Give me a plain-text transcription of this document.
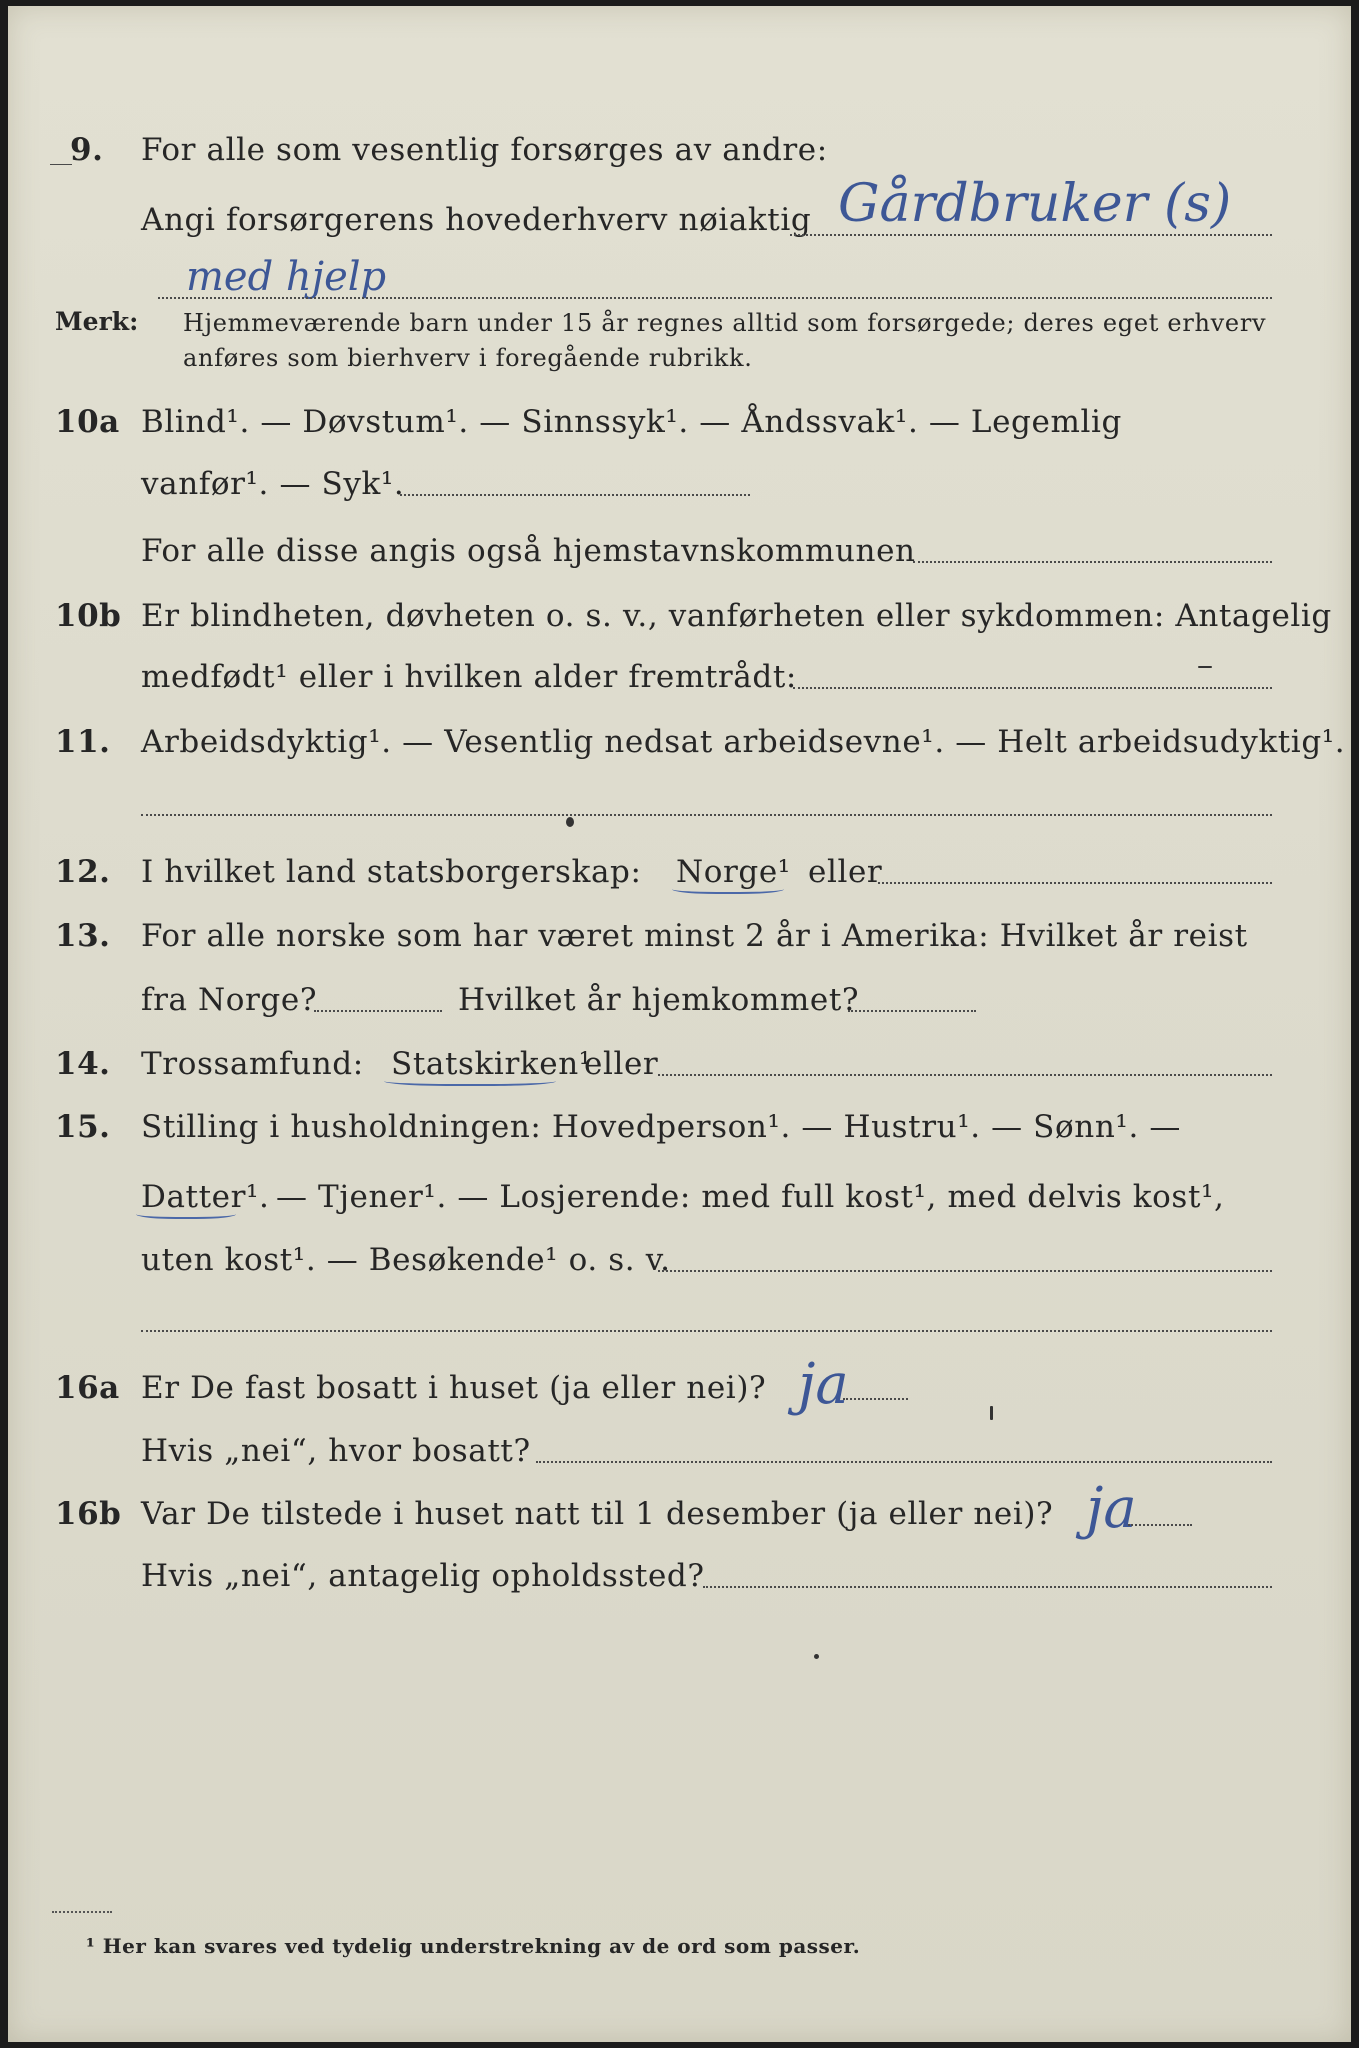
9. For alle som vesentlig forsørges av andre:
Gårdbruker (s)
Angi forsørgerens hovederhverv nøiaktig
med hjelp
Merk: Hjemmeværende barn under 15 år regnes alltid som forsørgede; deres eget erhverv
anføres som bierhverv i foregående rubrikk.
10a Blind¹. — Døvstum¹. — Sinnssyk¹. — Åndssvak¹. — Legemlig
vanfør¹. — Syk¹.
For alle disse angis også hjemstavnskommunen
10b Er blindheten, døvheten o. s. v., vanførheten eller sykdommen: Antagelig
medfødt¹ eller i hvilken alder fremtrådt:
11. Arbeidsdyktig¹. — Vesentlig nedsat arbeidsevne¹. — Helt arbeidsudyktig¹.
12. I hvilket land statsborgerskap: Norge¹ eller
13. For alle norske som har været minst 2 år i Amerika: Hvilket år reist
fra Norge?	Hvilket år hjemkommet?
14. Trossamfund: Statskirken¹
eller
15. Stilling i husholdningen: Hovedperson¹. — Hustru¹. — Sønn¹. —
Datter¹. — Tjener¹. — Losjerende: med full kost¹, med delvis kost¹,
uten kost¹. — Besøkende¹ o. s. v.
16a Er De fast bosatt i huset (ja eller nei)? ja
Hvis „nei“, hvor bosatt?
16b Var De tilstede i huset natt til 1 desember (ja eller nei)? ja
Hvis „nei“, antagelig opholdssted?
¹ Her kan svares ved tydelig understrekning av de ord som passer.
